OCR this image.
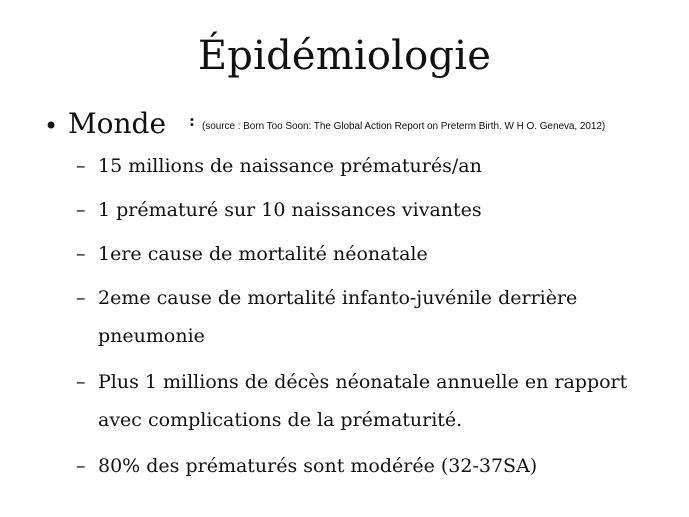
Épidémiologie
• Monde : (source : Born Too Soon: The Global Action Report on Preterm Birth. W H O. Geneva, 2012)
– 15 millions de naissance prématurés/an
– 1 prématuré sur 10 naissances vivantes
– 1ere cause de mortalité néonatale
– 2eme cause de mortalité infanto-juvénile derrière
pneumonie
– Plus 1 millions de décès néonatale annuelle en rapport
avec complications de la prématurité.
– 80% des prématurés sont modérée (32-37SA)
